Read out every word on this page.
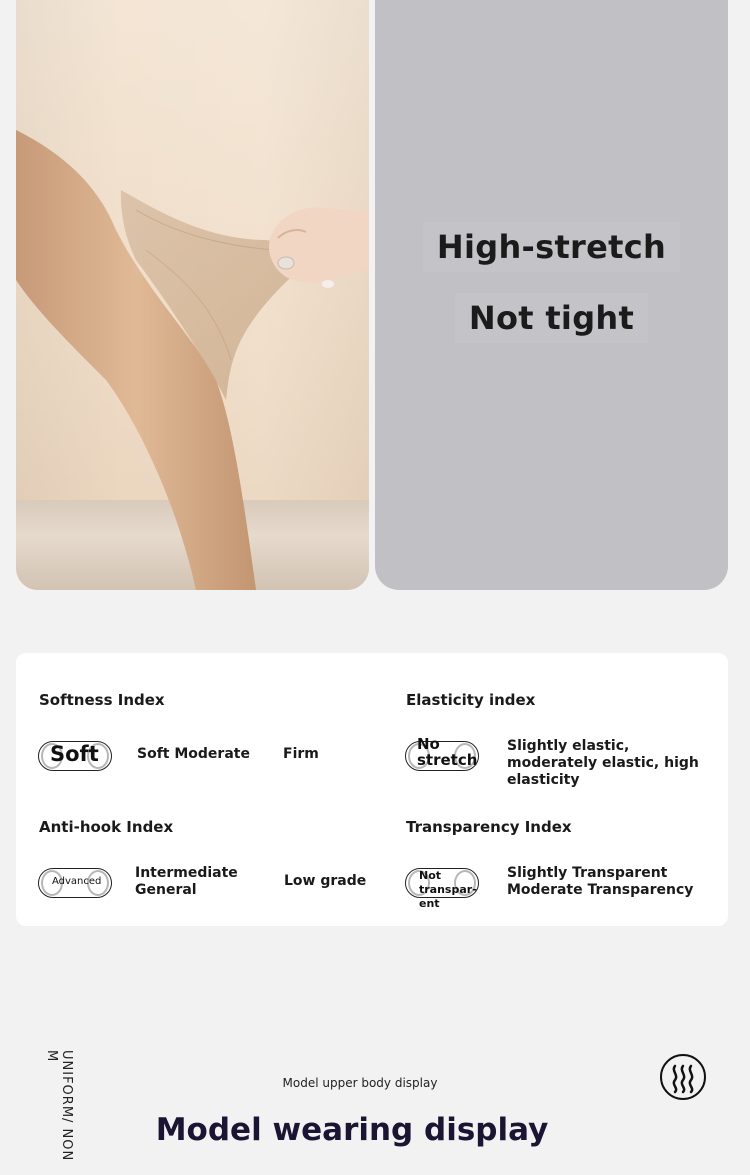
High-stretch
Not tight
Softness Index
Soft	Soft Moderate Firm
Elasticity index
No stretch
Slightly elastic, moderately elastic, high elasticity
Anti-hook Index
Advanced
Intermediate General
Low grade
Transparency Index
Not transpar- ent
Slightly Transparent Moderate Transparency
UNIFORM/ NON M
Model upper body display
Model wearing display
